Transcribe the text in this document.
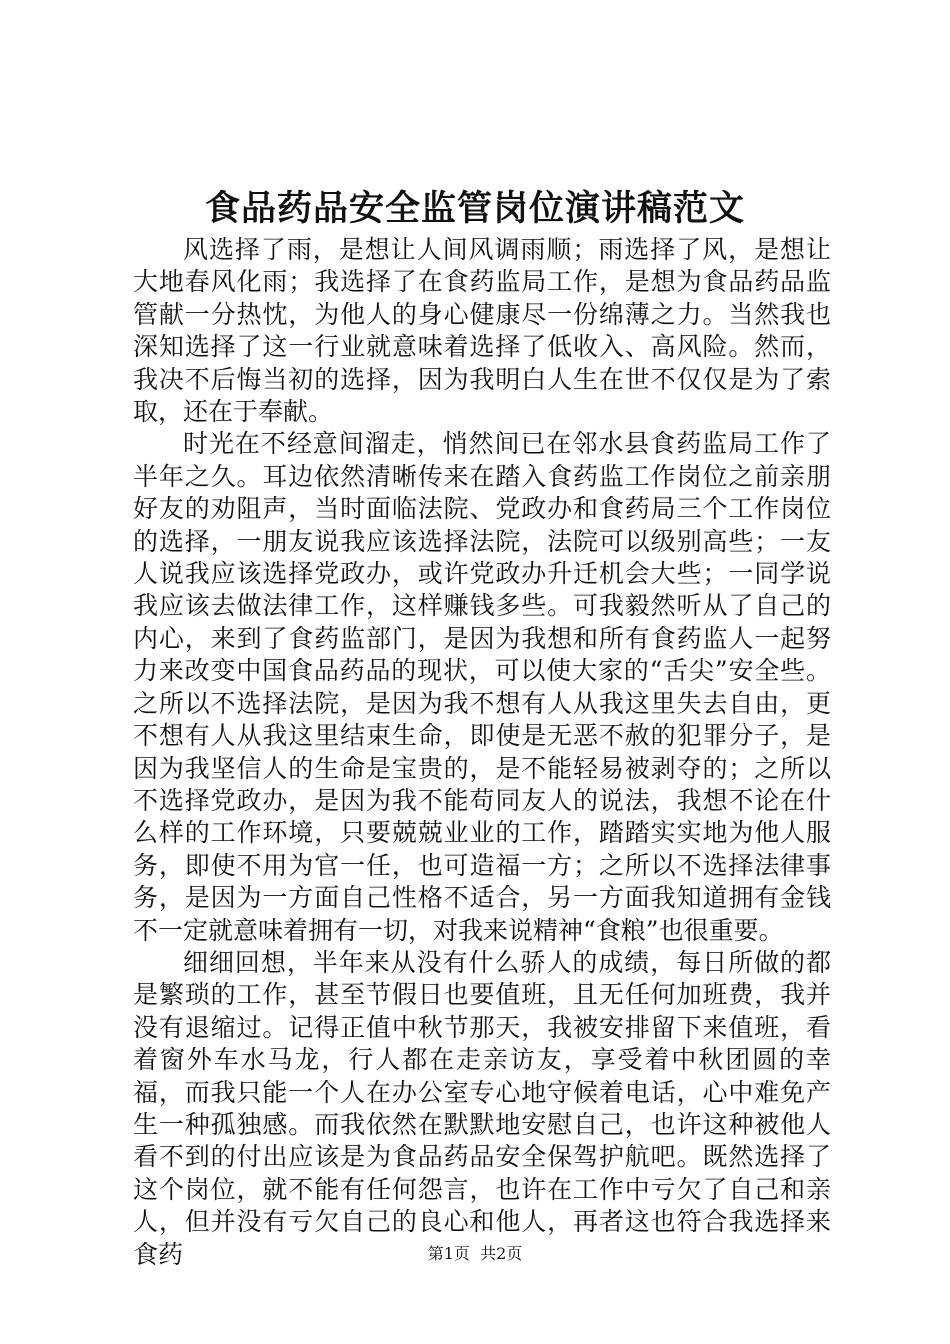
食品药品安全监管岗位演讲稿范文

风选择了雨，是想让人间风调雨顺；雨选择了风，是想让大地春风化雨；我选择了在食药监局工作，是想为食品药品监管献一分热忱，为他人的身心健康尽一份绵薄之力。当然我也深知选择了这一行业就意味着选择了低收入、高风险。然而，我决不后悔当初的选择，因为我明白人生在世不仅仅是为了索取，还在于奉献。

时光在不经意间溜走，悄然间已在邻水县食药监局工作了半年之久。耳边依然清晰传来在踏入食药监工作岗位之前亲朋好友的劝阻声，当时面临法院、党政办和食药局三个工作岗位的选择，一朋友说我应该选择法院，法院可以级别高些；一友人说我应该选择党政办，或许党政办升迁机会大些；一同学说我应该去做法律工作，这样赚钱多些。可我毅然听从了自己的内心，来到了食药监部门，是因为我想和所有食药监人一起努力来改变中国食品药品的现状，可以使大家的“舌尖”安全些。之所以不选择法院，是因为我不想有人从我这里失去自由，更不想有人从我这里结束生命，即使是无恶不赦的犯罪分子，是因为我坚信人的生命是宝贵的，是不能轻易被剥夺的；之所以不选择党政办，是因为我不能苟同友人的说法，我想不论在什么样的工作环境，只要兢兢业业的工作，踏踏实实地为他人服务，即使不用为官一任，也可造福一方；之所以不选择法律事务，是因为一方面自己性格不适合，另一方面我知道拥有金钱不一定就意味着拥有一切，对我来说精神“食粮”也很重要。

细细回想，半年来从没有什么骄人的成绩，每日所做的都是繁琐的工作，甚至节假日也要值班，且无任何加班费，我并没有退缩过。记得正值中秋节那天，我被安排留下来值班，看着窗外车水马龙，行人都在走亲访友，享受着中秋团圆的幸福，而我只能一个人在办公室专心地守候着电话，心中难免产生一种孤独感。而我依然在默默地安慰自己，也许这种被他人看不到的付出应该是为食品药品安全保驾护航吧。既然选择了这个岗位，就不能有任何怨言，也许在工作中亏欠了自己和亲人，但并没有亏欠自己的良心和他人，再者这也符合我选择来食药	第1页  共2页
